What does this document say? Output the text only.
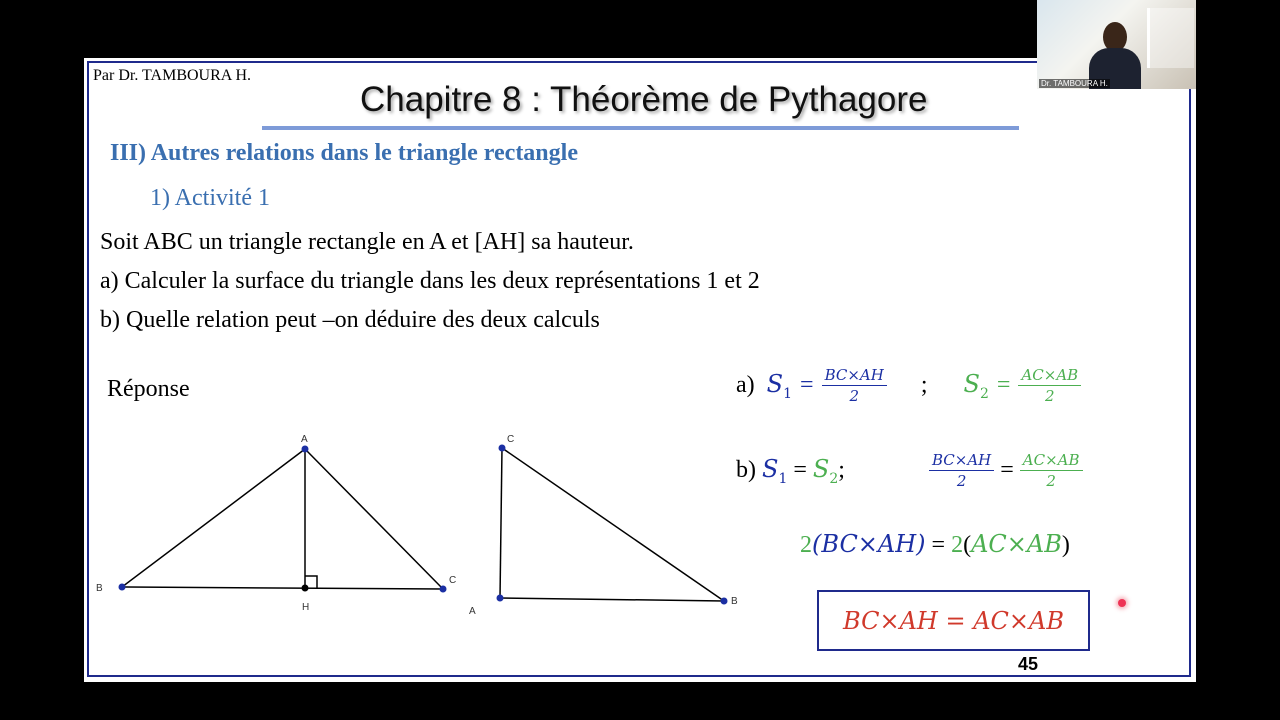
Par Dr. TAMBOURA H.
Chapitre 8 : Théorème de Pythagore
III) Autres relations dans le triangle rectangle
1) Activité 1
Soit ABC un triangle rectangle en A et [AH] sa hauteur.
a) Calculer la surface du triangle dans les deux représentations 1 et 2
b) Quelle relation peut –on déduire des deux calculs
Réponse
A
B
C
H
C
A
B
a) $S_1 = \frac{BC\times AH}{2}$ ; $S_2 = \frac{AC\times AB}{2}$
b) $S_1 = S_2$ ;	$\frac{BC\times AH}{2} = \frac{AC\times AB}{2}$
2(BC×AH) = 2(AC×AB)
BC×AH = AC×AB
45
Dr. TAMBOURA H.
